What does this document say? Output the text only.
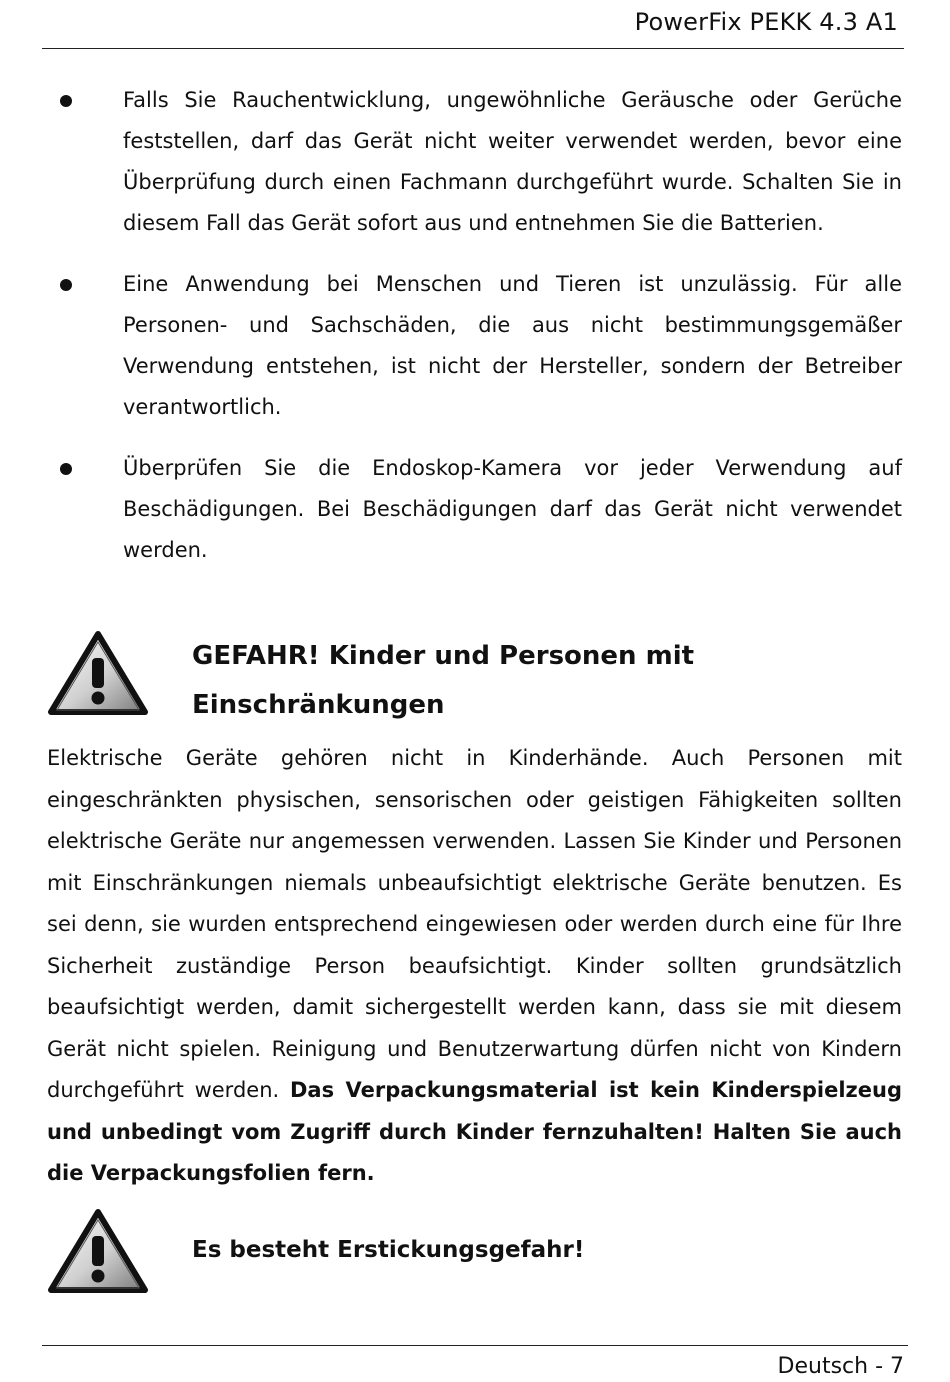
PowerFix PEKK 4.3 A1
Falls Sie Rauchentwicklung, ungewöhnliche Geräusche oder Gerüche feststellen, darf das Gerät nicht weiter verwendet werden, bevor eine Überprüfung durch einen Fachmann durchgeführt wurde. Schalten Sie in diesem Fall das Gerät sofort aus und entnehmen Sie die Batterien.
Eine Anwendung bei Menschen und Tieren ist unzulässig. Für alle Personen- und Sachschäden, die aus nicht bestimmungsgemäßer Verwendung entstehen, ist nicht der Hersteller, sondern der Betreiber verantwortlich.
Überprüfen Sie die Endoskop-Kamera vor jeder Verwendung auf Beschädigungen. Bei Beschädigungen darf das Gerät nicht verwendet werden.
GEFAHR! Kinder und Personen mit
Einschränkungen
Elektrische Geräte gehören nicht in Kinderhände. Auch Personen mit eingeschränkten physischen, sensorischen oder geistigen Fähigkeiten sollten elektrische Geräte nur angemessen verwenden. Lassen Sie Kinder und Personen mit Einschränkungen niemals unbeaufsichtigt elektrische Geräte benutzen. Es sei denn, sie wurden entsprechend eingewiesen oder werden durch eine für Ihre Sicherheit zuständige Person beaufsichtigt. Kinder sollten grundsätzlich beaufsichtigt werden, damit sichergestellt werden kann, dass sie mit diesem Gerät nicht spielen. Reinigung und Benutzerwartung dürfen nicht von Kindern durchgeführt werden. Das Verpackungsmaterial ist kein Kinderspielzeug und unbedingt vom Zugriff durch Kinder fernzuhalten! Halten Sie auch die Verpackungsfolien fern.
Es besteht Erstickungsgefahr!
Deutsch - 7
